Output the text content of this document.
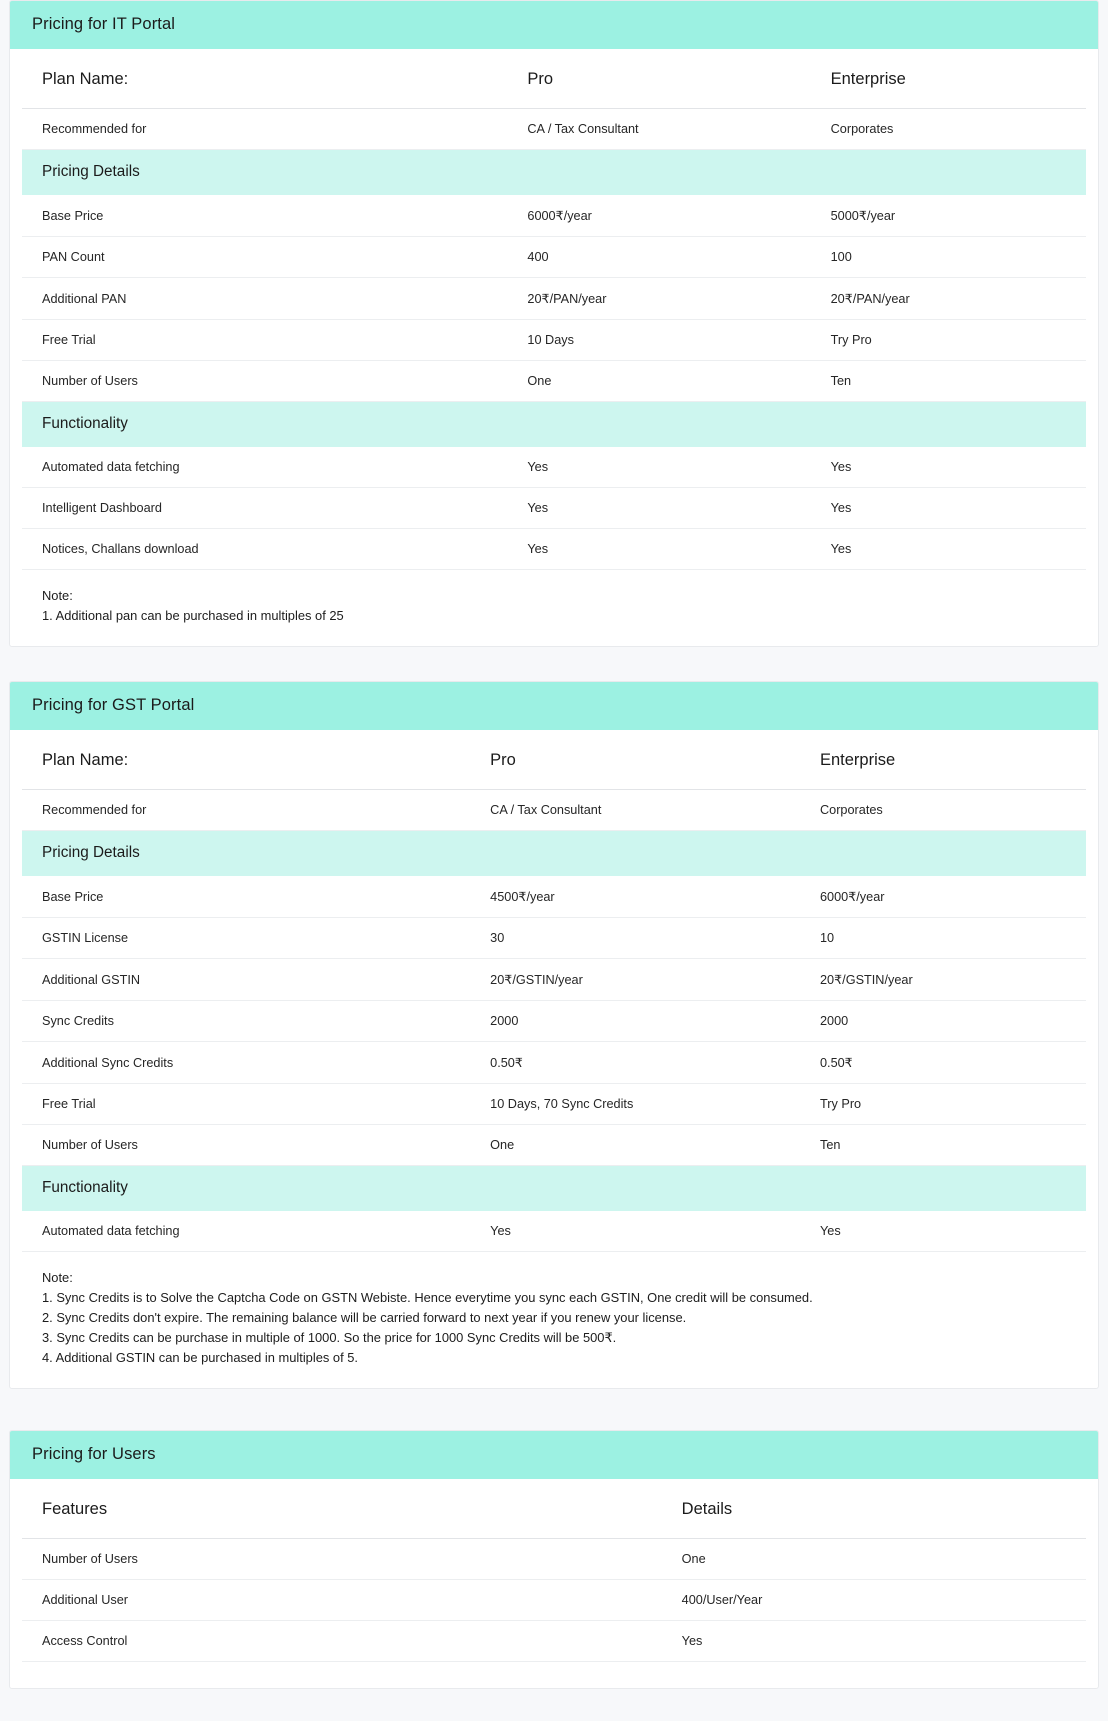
Pricing for IT Portal
Plan Name:	Pro	Enterprise
Recommended for	CA / Tax Consultant	Corporates
Pricing Details		
Base Price	6000₹/year	5000₹/year
PAN Count	400	100
Additional PAN	20₹/PAN/year	20₹/PAN/year
Free Trial	10 Days	Try Pro
Number of Users	One	Ten
Functionality		
Automated data fetching	Yes	Yes
Intelligent Dashboard	Yes	Yes
Notices, Challans download	Yes	Yes
Note:
1. Additional pan can be purchased in multiples of 25
Pricing for GST Portal
Plan Name:	Pro	Enterprise
Recommended for	CA / Tax Consultant	Corporates
Pricing Details		
Base Price	4500₹/year	6000₹/year
GSTIN License	30	10
Additional GSTIN	20₹/GSTIN/year	20₹/GSTIN/year
Sync Credits	2000	2000
Additional Sync Credits	0.50₹	0.50₹
Free Trial	10 Days, 70 Sync Credits	Try Pro
Number of Users	One	Ten
Functionality		
Automated data fetching	Yes	Yes
Note:
1. Sync Credits is to Solve the Captcha Code on GSTN Webiste. Hence everytime you sync each GSTIN, One credit will be consumed.
2. Sync Credits don't expire. The remaining balance will be carried forward to next year if you renew your license.
3. Sync Credits can be purchase in multiple of 1000. So the price for 1000 Sync Credits will be 500₹.
4. Additional GSTIN can be purchased in multiples of 5.
Pricing for Users
Features	Details
Number of Users	One
Additional User	400/User/Year
Access Control	Yes
